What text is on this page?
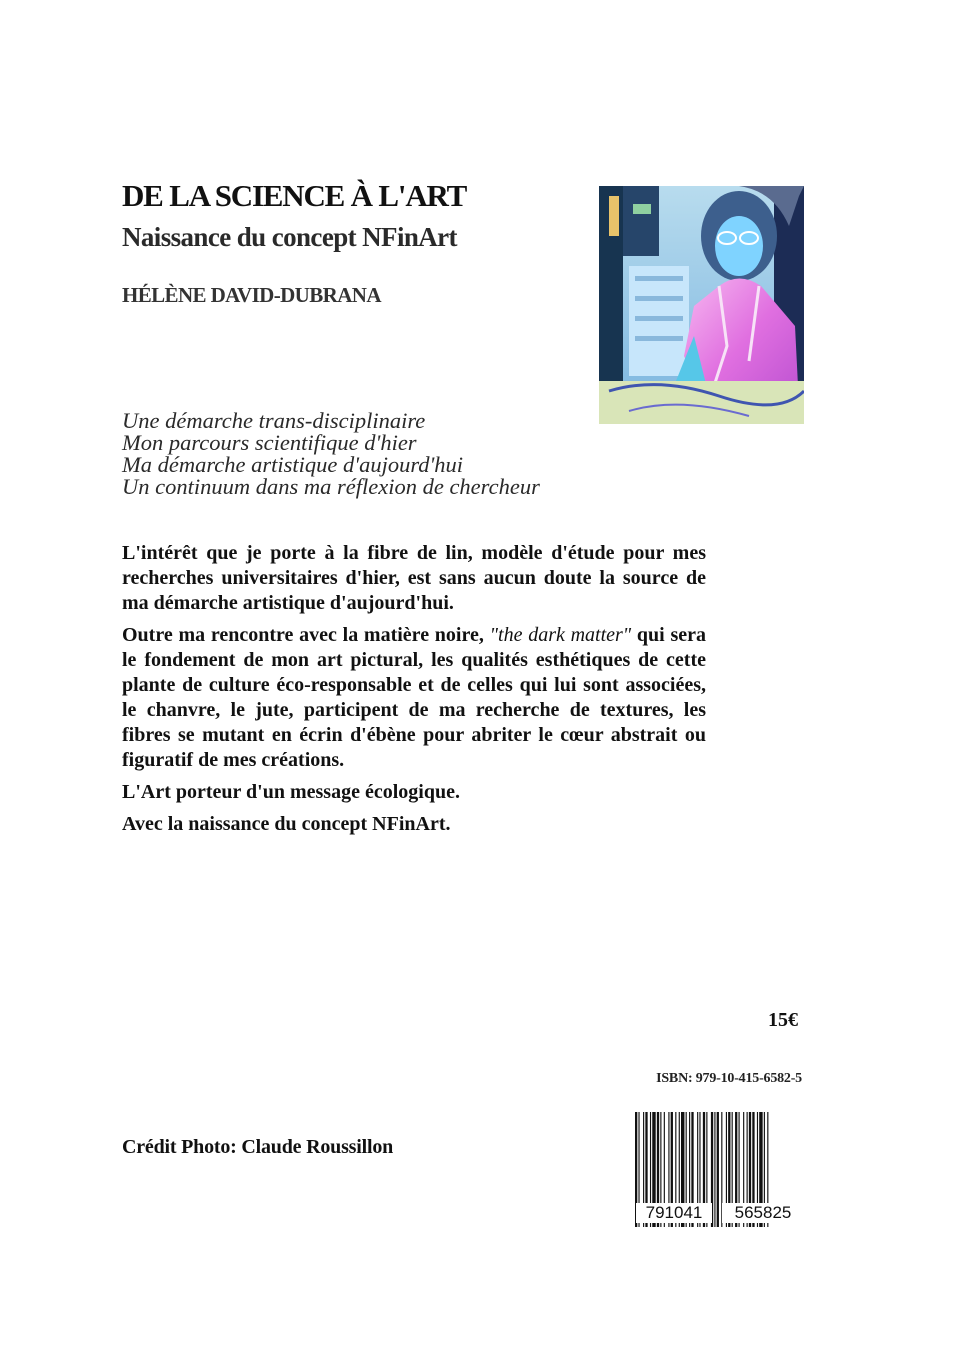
DE LA SCIENCE À L'ART
Naissance du concept NFinArt
HÉLÈNE DAVID-DUBRANA
Une démarche trans-disciplinaire
Mon parcours scientifique d'hier
Ma démarche artistique d'aujourd'hui
Un continuum dans ma réflexion de chercheur

L'intérêt que je porte à la fibre de lin, modèle d'étude pour mes recherches universitaires d'hier, est sans aucun doute la source de ma démarche artistique d'aujourd'hui.

Outre ma rencontre avec la matière noire, "the dark matter" qui sera le fondement de mon art pictural, les qualités esthétiques de cette plante de culture éco-responsable et de celles qui lui sont associées, le chanvre, le jute, participent de ma recherche de textures, les fibres se mutant en écrin d'ébène pour abriter le cœur abstrait ou figuratif de mes créations.

L'Art porteur d'un message écologique.

Avec la naissance du concept NFinArt.

15€
ISBN: 979-10-415-6582-5
Crédit Photo: Claude Roussillon
791041	565825
